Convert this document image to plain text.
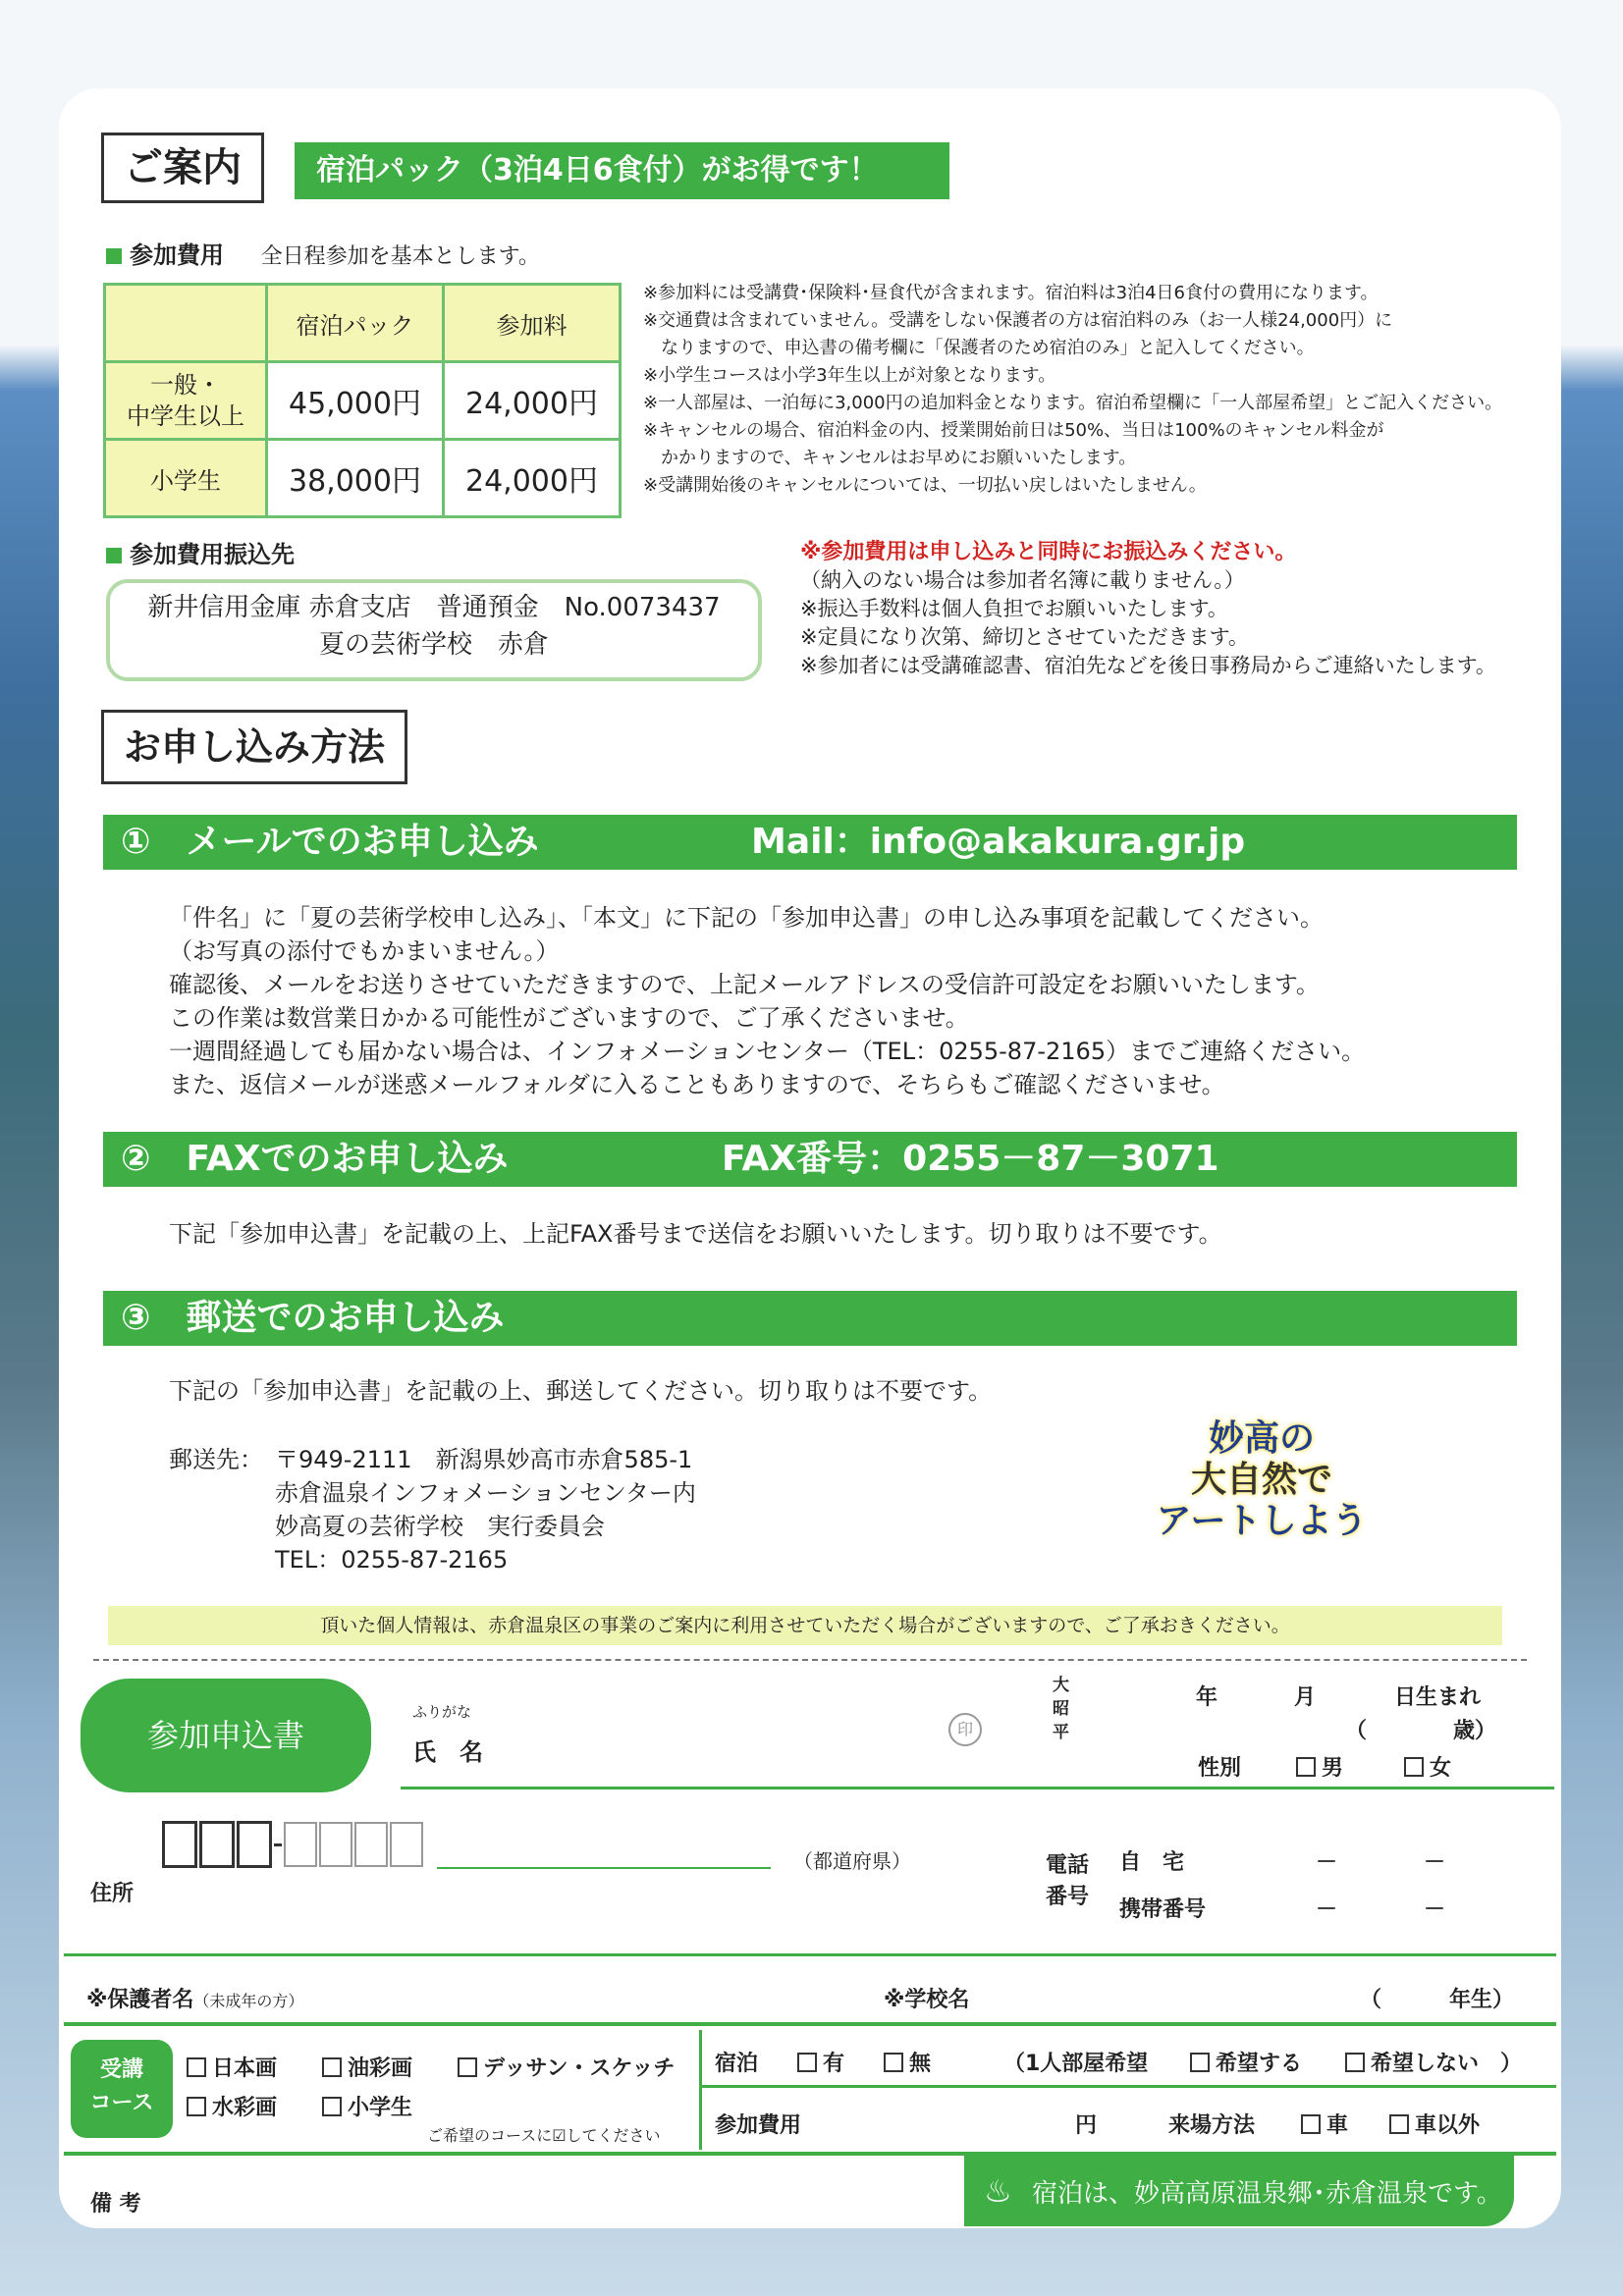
ご案内	宿泊パック（3泊4日6食付）がお得です！
参加費用 全日程参加を基本とします。
	宿泊パック	参加料
一般・
中学生以上	45,000円	24,000円
小学生	38,000円	24,000円
※参加料には受講費･保険料･昼食代が含まれます。宿泊料は3泊4日6食付の費用になります。
※交通費は含まれていません。受講をしない保護者の方は宿泊料のみ（お一人様24,000円）に
　なりますので、申込書の備考欄に「保護者のため宿泊のみ」と記入してください。
※小学生コースは小学3年生以上が対象となります。
※一人部屋は、一泊毎に3,000円の追加料金となります。宿泊希望欄に「一人部屋希望」とご記入ください。
※キャンセルの場合、宿泊料金の内、授業開始前日は50%、当日は100%のキャンセル料金が
　かかりますので、キャンセルはお早めにお願いいたします。
※受講開始後のキャンセルについては、一切払い戻しはいたしません。
参加費用振込先
新井信用金庫 赤倉支店　普通預金　No.0073437
夏の芸術学校　赤倉
※参加費用は申し込みと同時にお振込みください。
（納入のない場合は参加者名簿に載りません。）
※振込手数料は個人負担でお願いいたします。
※定員になり次第、締切とさせていただきます。
※参加者には受講確認書、宿泊先などを後日事務局からご連絡いたします。
お申し込み方法
①　メールでのお申し込み	Mail：info@akakura.gr.jp
「件名」に「夏の芸術学校申し込み」、「本文」に下記の「参加申込書」の申し込み事項を記載してください。
（お写真の添付でもかまいません。）
確認後、メールをお送りさせていただきますので、上記メールアドレスの受信許可設定をお願いいたします。
この作業は数営業日かかる可能性がございますので、ご了承くださいませ。
一週間経過しても届かない場合は、インフォメーションセンター（TEL：0255-87-2165）までご連絡ください。
また、返信メールが迷惑メールフォルダに入ることもありますので、そちらもご確認くださいませ。
②　FAXでのお申し込み	FAX番号：0255－87－3071
下記「参加申込書」を記載の上、上記FAX番号まで送信をお願いいたします。切り取りは不要です。
③　郵送でのお申し込み
下記の「参加申込書」を記載の上、郵送してください。切り取りは不要です。
郵送先： 〒949-2111　新潟県妙高市赤倉585-1
赤倉温泉インフォメーションセンター内
妙高夏の芸術学校　実行委員会
TEL：0255-87-2165
妙高の
大自然で
アートしよう
頂いた個人情報は、赤倉温泉区の事業のご案内に利用させていただく場合がございますので、ご了承おきください。
参加申込書
ふりがな
氏　名
印
大
昭
平
年	月	日生まれ
（	歳）
性別	男	女
（都道府県）
住所
電話
番号
自　宅
携帯番号
－	－
－	－
※保護者名（未成年の方）	※学校名	（	年生）
受講
コース
日本画	油彩画	デッサン・スケッチ
水彩画	小学生
ご希望のコースに☑してください
宿泊	有	無	（1人部屋希望	希望する	希望しない　）
参加費用	円	来場方法	車	車以外
備 考	♨ 宿泊は、妙高高原温泉郷･赤倉温泉です。
